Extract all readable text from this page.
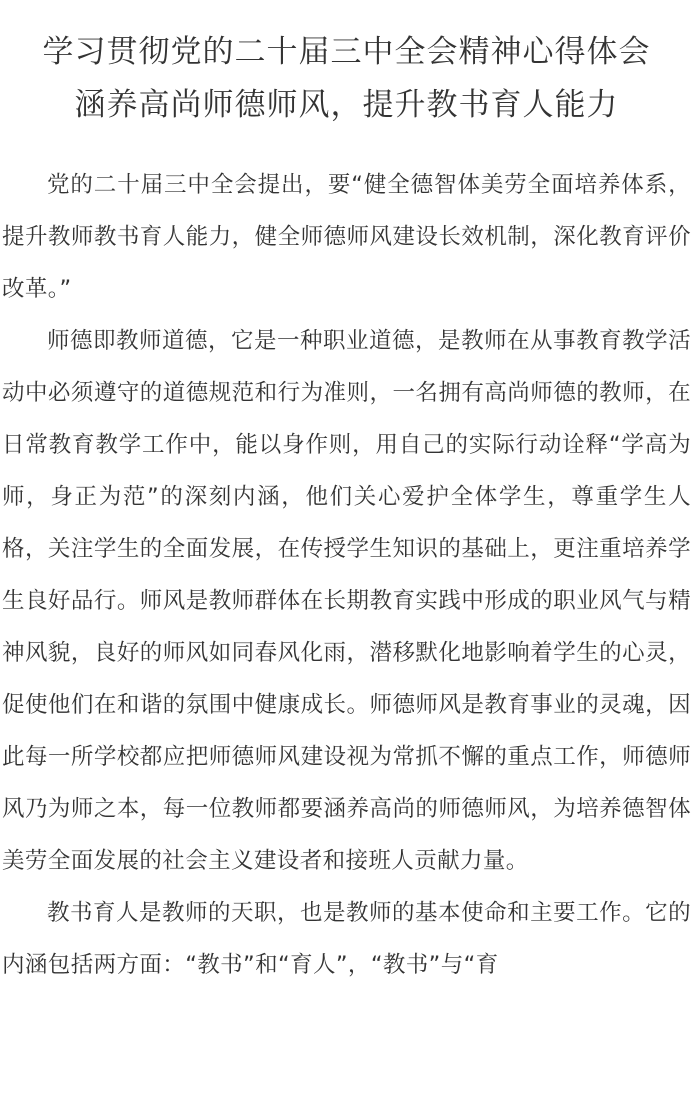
学习贯彻党的二十届三中全会精神心得体会
涵养高尚师德师风，提升教书育人能力

党的二十届三中全会提出，要“健全德智体美劳全面培养体系，提升教师教书育人能力，健全师德师风建设长效机制，深化教育评价改革。”

师德即教师道德，它是一种职业道德，是教师在从事教育教学活动中必须遵守的道德规范和行为准则，一名拥有高尚师德的教师，在日常教育教学工作中，能以身作则，用自己的实际行动诠释“学高为师，身正为范”的深刻内涵，他们关心爱护全体学生，尊重学生人格，关注学生的全面发展，在传授学生知识的基础上，更注重培养学生良好品行。师风是教师群体在长期教育实践中形成的职业风气与精神风貌，良好的师风如同春风化雨，潜移默化地影响着学生的心灵，促使他们在和谐的氛围中健康成长。师德师风是教育事业的灵魂，因此每一所学校都应把师德师风建设视为常抓不懈的重点工作，师德师风乃为师之本，每一位教师都要涵养高尚的师德师风，为培养德智体美劳全面发展的社会主义建设者和接班人贡献力量。

教书育人是教师的天职，也是教师的基本使命和主要工作。它的内涵包括两方面：“教书”和“育人”，“教书”与“育
